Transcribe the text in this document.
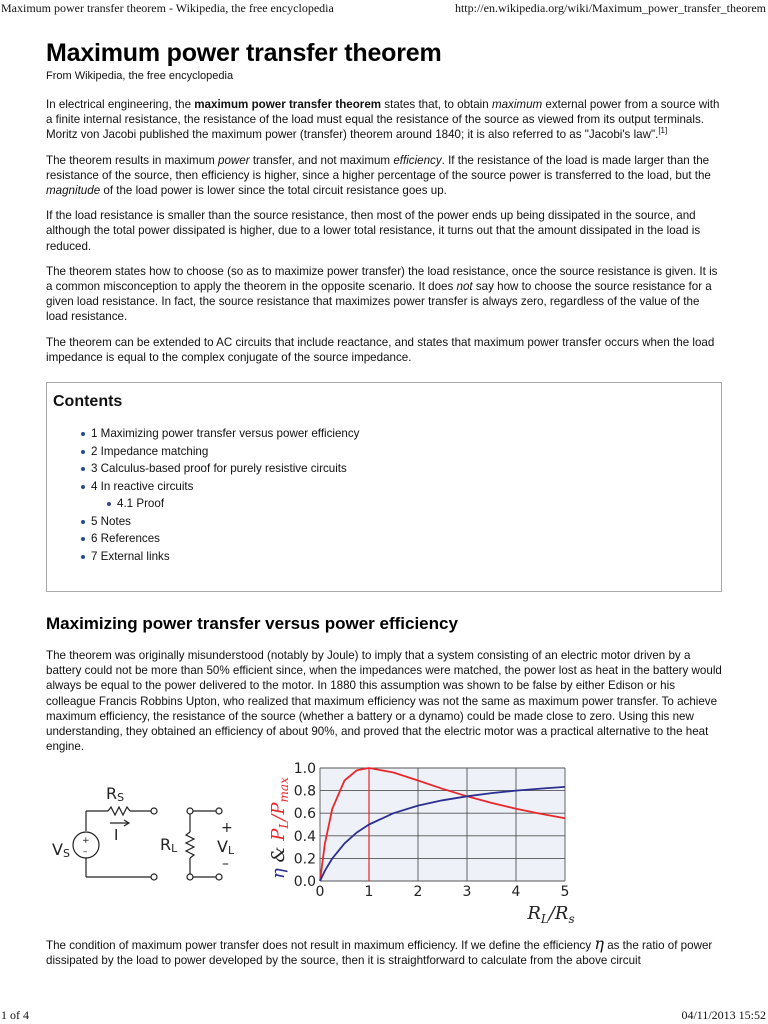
Maximum power transfer theorem - Wikipedia, the free encyclopedia	http://en.wikipedia.org/wiki/Maximum_power_transfer_theorem
Maximum power transfer theorem
From Wikipedia, the free encyclopedia

In electrical engineering, the maximum power transfer theorem states that, to obtain maximum external power from a source with a finite internal resistance, the resistance of the load must equal the resistance of the source as viewed from its output terminals. Moritz von Jacobi published the maximum power (transfer) theorem around 1840; it is also referred to as "Jacobi's law".[1]

The theorem results in maximum power transfer, and not maximum efficiency. If the resistance of the load is made larger than the resistance of the source, then efficiency is higher, since a higher percentage of the source power is transferred to the load, but the magnitude of the load power is lower since the total circuit resistance goes up.

If the load resistance is smaller than the source resistance, then most of the power ends up being dissipated in the source, and although the total power dissipated is higher, due to a lower total resistance, it turns out that the amount dissipated in the load is reduced.

The theorem states how to choose (so as to maximize power transfer) the load resistance, once the source resistance is given. It is a common misconception to apply the theorem in the opposite scenario. It does not say how to choose the source resistance for a given load resistance. In fact, the source resistance that maximizes power transfer is always zero, regardless of the value of the load resistance.

The theorem can be extended to AC circuits that include reactance, and states that maximum power transfer occurs when the load impedance is equal to the complex conjugate of the source impedance.

Contents
1 Maximizing power transfer versus power efficiency
2 Impedance matching
3 Calculus-based proof for purely resistive circuits
4 In reactive circuits
4.1 Proof
5 Notes
6 References
7 External links
Maximizing power transfer versus power efficiency

The theorem was originally misunderstood (notably by Joule) to imply that a system consisting of an electric motor driven by a battery could not be more than 50% efficient since, when the impedances were matched, the power lost as heat in the battery would always be equal to the power delivered to the motor. In 1880 this assumption was shown to be false by either Edison or his colleague Francis Robbins Upton, who realized that maximum efficiency was not the same as maximum power transfer. To achieve maximum efficiency, the resistance of the source (whether a battery or a dynamo) could be made close to zero. Using this new understanding, they obtained an efficiency of about 90%, and proved that the electric motor was a practical alternative to the heat engine.

+
–
VS
RS
I	RL
+
VL
–
0	1	2	3	4	5
0.0
0.2
0.4
0.6
0.8
1.0
$R_L/R_s$
η & $P_L/P_{max}$

The condition of maximum power transfer does not result in maximum efficiency. If we define the efficiency η as the ratio of power dissipated by the load to power developed by the source, then it is straightforward to calculate from the above circuit

1 of 4	04/11/2013 15:52
